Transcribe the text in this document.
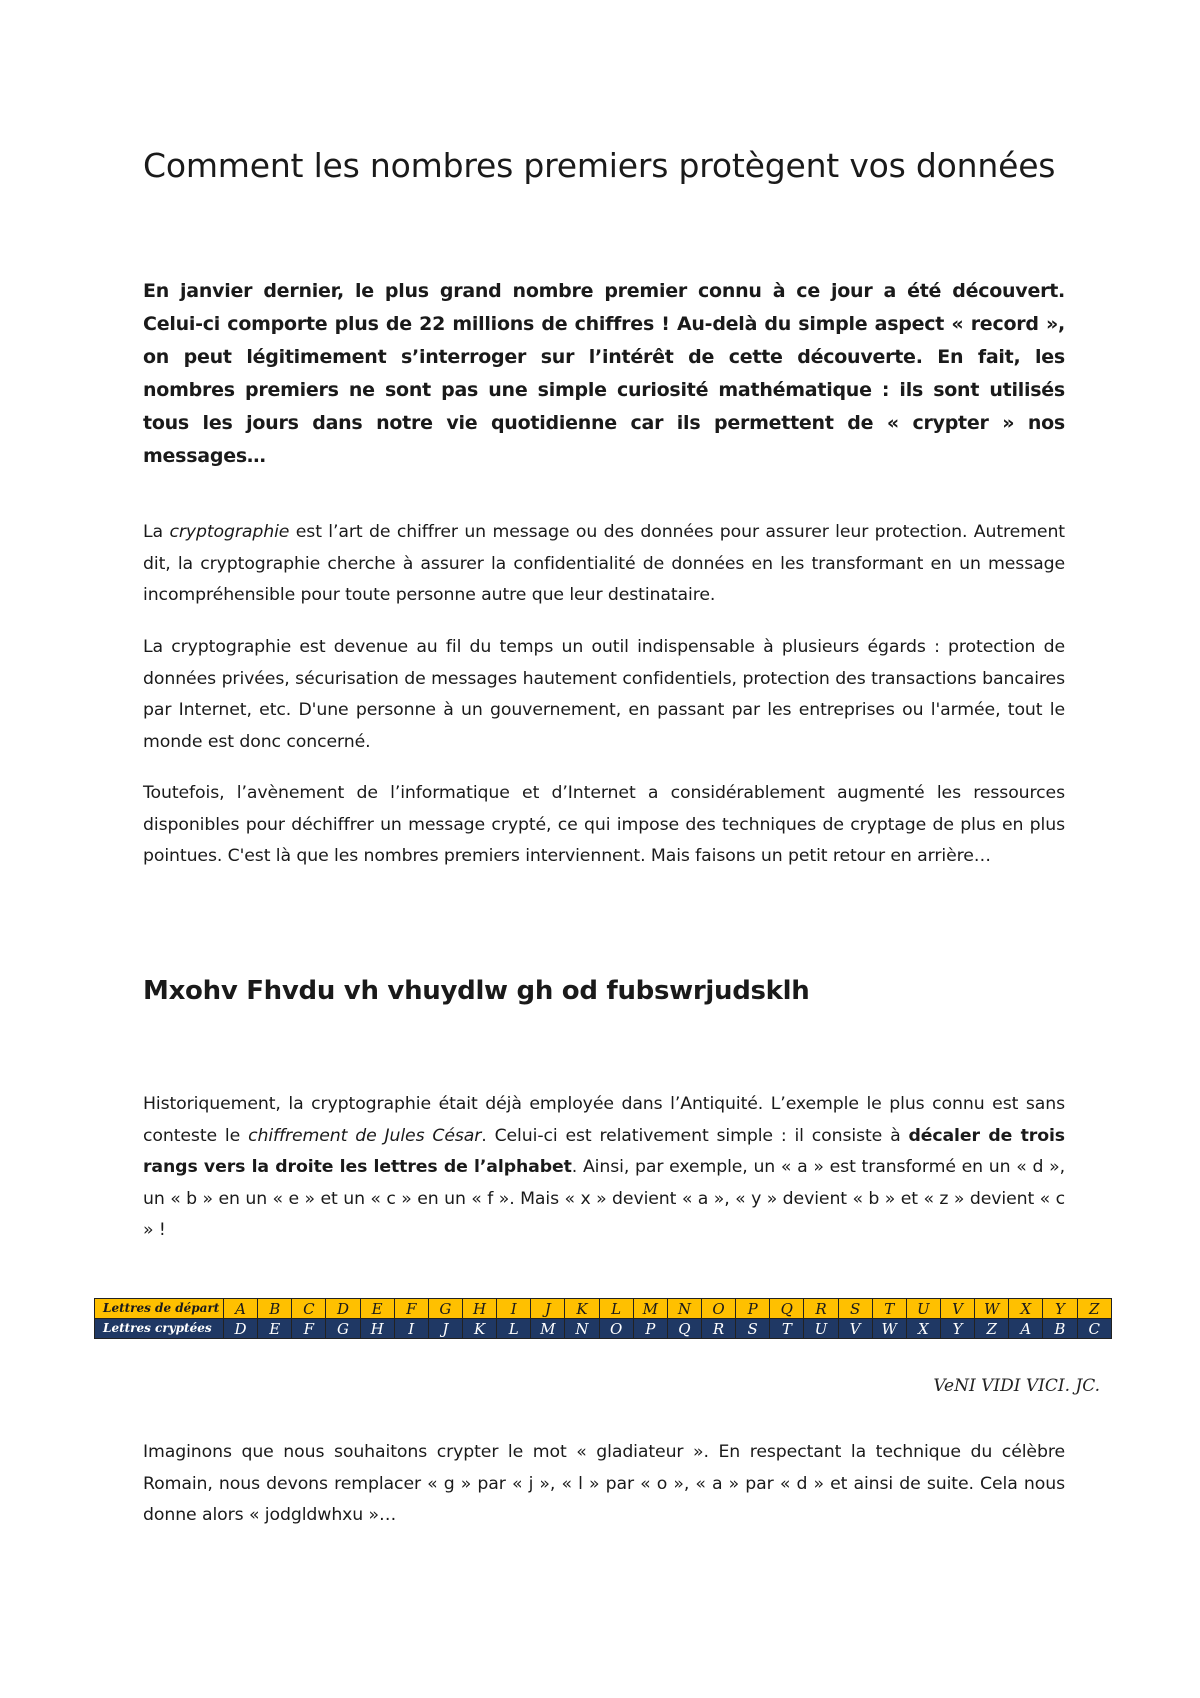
Comment les nombres premiers protègent vos données

En janvier dernier, le plus grand nombre premier connu à ce jour a été découvert. Celui-ci comporte plus de 22 millions de chiffres ! Au-delà du simple aspect « record », on peut légitimement s’interroger sur l’intérêt de cette découverte. En fait, les nombres premiers ne sont pas une simple curiosité mathématique : ils sont utilisés tous les jours dans notre vie quotidienne car ils permettent de « crypter » nos messages…

La cryptographie est l’art de chiffrer un message ou des données pour assurer leur protection. Autrement dit, la cryptographie cherche à assurer la confidentialité de données en les transformant en un message incompréhensible pour toute personne autre que leur destinataire.

La cryptographie est devenue au fil du temps un outil indispensable à plusieurs égards : protection de données privées, sécurisation de messages hautement confidentiels, protection des transactions bancaires par Internet, etc. D'une personne à un gouvernement, en passant par les entreprises ou l'armée, tout le monde est donc concerné.

Toutefois, l’avènement de l’informatique et d’Internet a considérablement augmenté les ressources disponibles pour déchiffrer un message crypté, ce qui impose des techniques de cryptage de plus en plus pointues. C'est là que les nombres premiers interviennent. Mais faisons un petit retour en arrière…

Mxohv Fhvdu vh vhuydlw gh od fubswrjudsklh

Historiquement, la cryptographie était déjà employée dans l’Antiquité. L’exemple le plus connu est sans conteste le chiffrement de Jules César. Celui-ci est relativement simple : il consiste à décaler de trois rangs vers la droite les lettres de l’alphabet. Ainsi, par exemple, un « a » est transformé en un « d », un « b » en un « e » et un « c » en un « f ». Mais « x » devient « a », « y » devient « b » et « z » devient « c » !

Lettres de départ	A	B	C	D	E	F	G	H	I	J	K	L	M	N	O	P	Q	R	S	T	U	V	W	X	Y	Z
Lettres cryptées	D	E	F	G	H	I	J	K	L	M	N	O	P	Q	R	S	T	U	V	W	X	Y	Z	A	B	C
VeNI VIDI VICI. JC.

Imaginons que nous souhaitons crypter le mot « gladiateur ». En respectant la technique du célèbre Romain, nous devons remplacer « g » par « j », « l » par « o », « a » par « d » et ainsi de suite. Cela nous donne alors « jodgldwhxu »…
